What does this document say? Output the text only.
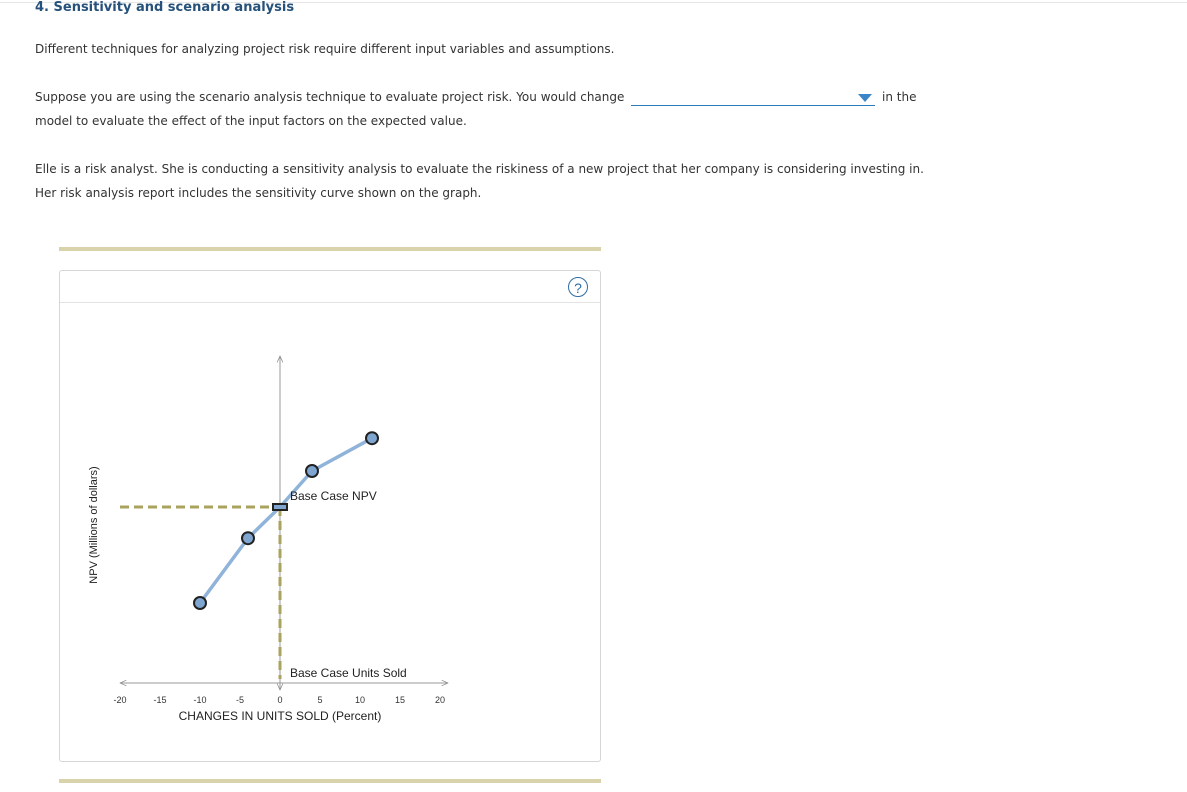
4. Sensitivity and scenario analysis
Different techniques for analyzing project risk require different input variables and assumptions.
Suppose you are using the scenario analysis technique to evaluate project risk. You would change	in the
model to evaluate the effect of the input factors on the expected value.
Elle is a risk analyst. She is conducting a sensitivity analysis to evaluate the riskiness of a new project that her company is considering investing in.
Her risk analysis report includes the sensitivity curve shown on the graph.
?
-20	-15	-10	-5	0	5	10	15	20
CHANGES IN UNITS SOLD (Percent)
NPV (Millions of dollars)	Base Case NPV
Base Case Units Sold
